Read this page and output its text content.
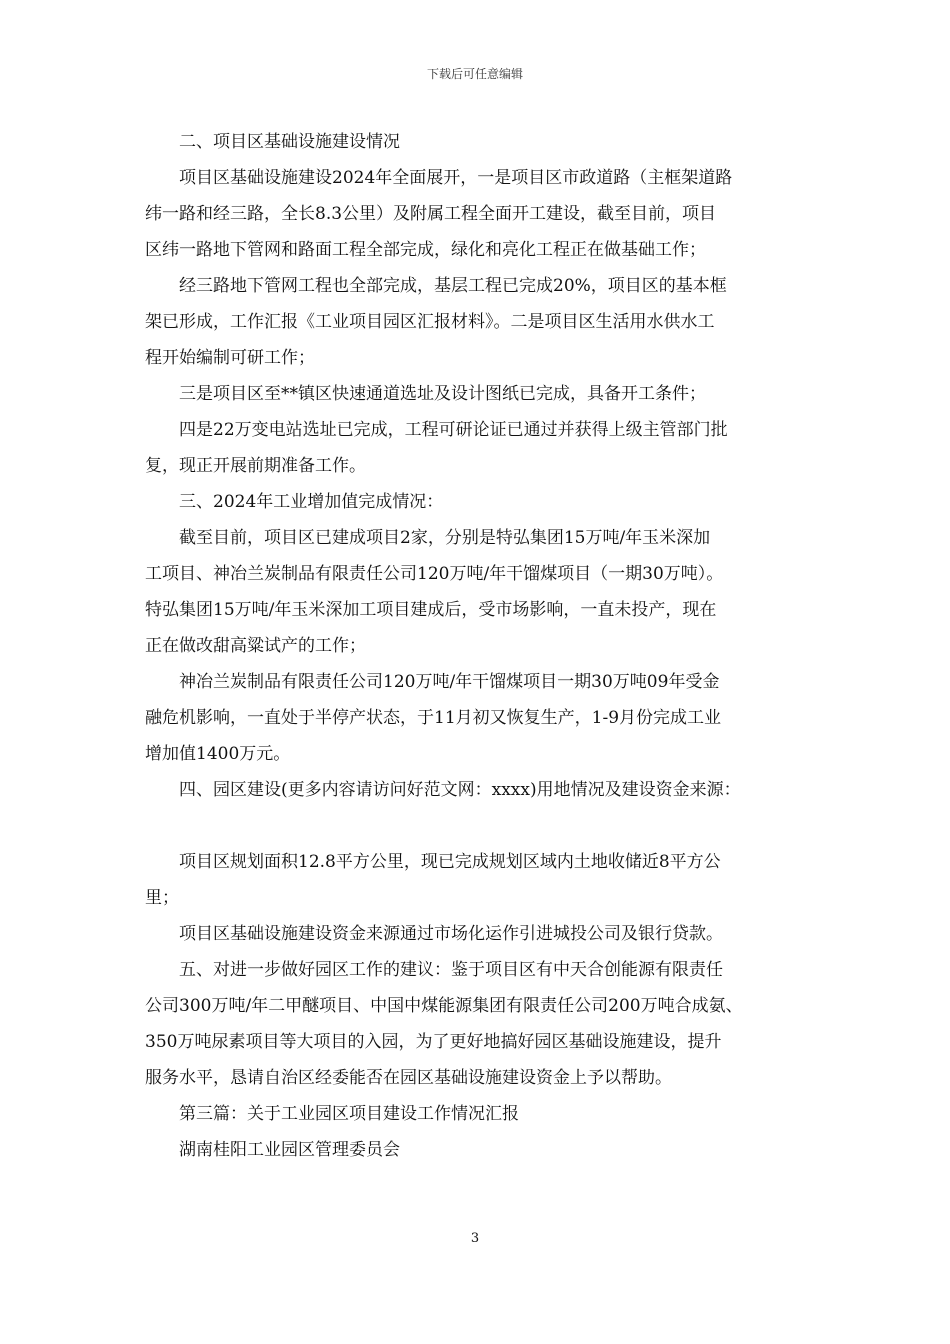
下载后可任意编辑
　　二、项目区基础设施建设情况
　　项目区基础设施建设2024年全面展开，一是项目区市政道路（主框架道路
纬一路和经三路，全长8.3公里）及附属工程全面开工建设，截至目前，项目
区纬一路地下管网和路面工程全部完成，绿化和亮化工程正在做基础工作；
　　经三路地下管网工程也全部完成，基层工程已完成20%，项目区的基本框
架已形成，工作汇报《工业项目园区汇报材料》。二是项目区生活用水供水工
程开始编制可研工作；
　　三是项目区至**镇区快速通道选址及设计图纸已完成，具备开工条件；
　　四是22万变电站选址已完成，工程可研论证已通过并获得上级主管部门批
复，现正开展前期准备工作。
　　三、2024年工业增加值完成情况：
　　截至目前，项目区已建成项目2家，分别是特弘集团15万吨/年玉米深加
工项目、神冶兰炭制品有限责任公司120万吨/年干馏煤项目（一期30万吨）。
特弘集团15万吨/年玉米深加工项目建成后，受市场影响，一直未投产，现在
正在做改甜高粱试产的工作；
　　神冶兰炭制品有限责任公司120万吨/年干馏煤项目一期30万吨09年受金
融危机影响，一直处于半停产状态，于11月初又恢复生产，1-9月份完成工业
增加值1400万元。
　　四、园区建设(更多内容请访问好范文网：xxxx)用地情况及建设资金来源：
　　项目区规划面积12.8平方公里，现已完成规划区域内土地收储近8平方公
里；
　　项目区基础设施建设资金来源通过市场化运作引进城投公司及银行贷款。
　　五、对进一步做好园区工作的建议：鉴于项目区有中天合创能源有限责任
公司300万吨/年二甲醚项目、中国中煤能源集团有限责任公司200万吨合成氨、
350万吨尿素项目等大项目的入园，为了更好地搞好园区基础设施建设，提升
服务水平，恳请自治区经委能否在园区基础设施建设资金上予以帮助。
　　第三篇：关于工业园区项目建设工作情况汇报
　　湖南桂阳工业园区管理委员会
3
